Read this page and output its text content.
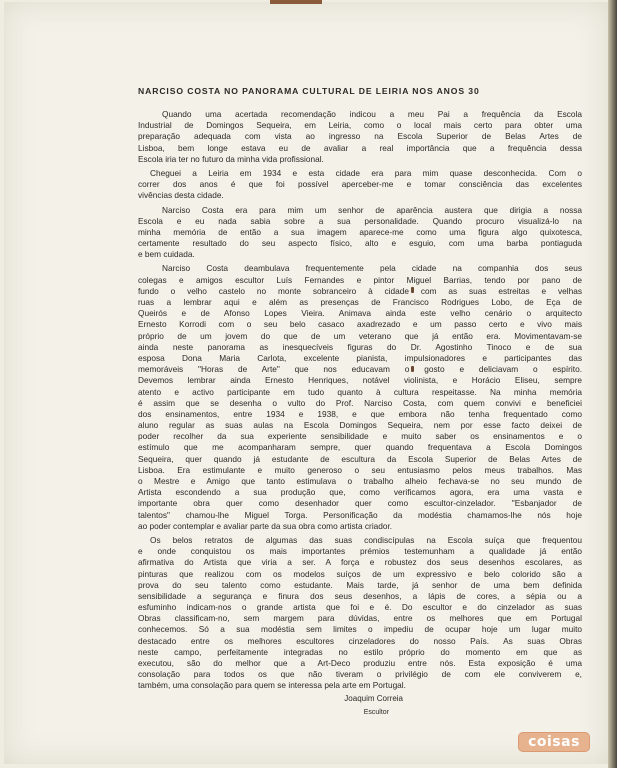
NARCISO COSTA NO PANORAMA CULTURAL DE LEIRIA NOS ANOS 30
Quando uma acertada recomendação indicou a meu Pai a frequência da Escola
Industrial de Domingos Sequeira, em Leiria, como o local mais certo para obter uma
preparação adequada com vista ao ingresso na Escola Superior de Belas Artes de
Lisboa, bem longe estava eu de avaliar a real importância que a frequência dessa
Escola iria ter no futuro da minha vida profissional.
Cheguei a Leiria em 1934 e esta cidade era para mim quase desconhecida. Com o
correr dos anos é que foi possível aperceber-me e tomar consciência das excelentes
vivências desta cidade.
Narciso Costa era para mim um senhor de aparência austera que dirigia a nossa
Escola e eu nada sabia sobre a sua personalidade. Quando procuro visualizá-lo na
minha memória de então a sua imagem aparece-me como uma figura algo quixotesca,
certamente resultado do seu aspecto físico, alto e esguio, com uma barba pontiaguda
e bem cuidada.
Narciso Costa deambulava frequentemente pela cidade na companhia dos seus
colegas e amigos escultor Luís Fernandes e pintor Miguel Barrias, tendo por pano de
fundo o velho castelo no monte sobranceiro à cidade com as suas estreitas e velhas
ruas a lembrar aqui e além as presenças de Francisco Rodrigues Lobo, de Eça de
Queirós e de Afonso Lopes Vieira. Animava ainda este velho cenário o arquitecto
Ernesto Korrodi com o seu belo casaco axadrezado e um passo certo e vivo mais
próprio de um jovem do que de um veterano que já então era. Movimentavam-se
ainda neste panorama as inesquecíveis figuras do Dr. Agostinho Tinoco e de sua
esposa Dona Maria Carlota, excelente pianista, impulsionadores e participantes das
memoráveis "Horas de Arte" que nos educavam o gosto e deliciavam o espírito.
Devemos lembrar ainda Ernesto Henriques, notável violinista, e Horácio Eliseu, sempre
atento e activo participante em tudo quanto à cultura respeitasse. Na minha memória
é assim que se desenha o vulto do Prof. Narciso Costa, com quem convivi e beneficiei
dos ensinamentos, entre 1934 e 1938, e que embora não tenha frequentado como
aluno regular as suas aulas na Escola Domingos Sequeira, nem por esse facto deixei de
poder recolher da sua experiente sensibilidade e muito saber os ensinamentos e o
estímulo que me acompanharam sempre, quer quando frequentava a Escola Domingos
Sequeira, quer quando já estudante de escultura da Escola Superior de Belas Artes de
Lisboa. Era estimulante e muito generoso o seu entusiasmo pelos meus trabalhos. Mas
o Mestre e Amigo que tanto estimulava o trabalho alheio fechava-se no seu mundo de
Artista escondendo a sua produção que, como verificamos agora, era uma vasta e
importante obra quer como desenhador quer como escultor-cinzelador. "Esbanjador de
talentos" chamou-lhe Miguel Torga. Personificação da modéstia chamamos-lhe nós hoje
ao poder contemplar e avaliar parte da sua obra como artista criador.
Os belos retratos de algumas das suas condiscípulas na Escola suíça que frequentou
e onde conquistou os mais importantes prémios testemunham a qualidade já então
afirmativa do Artista que viria a ser. A força e robustez dos seus desenhos escolares, as
pinturas que realizou com os modelos suíços de um expressivo e belo colorido são a
prova do seu talento como estudante. Mais tarde, já senhor de uma bem definida
sensibilidade a segurança e finura dos seus desenhos, a lápis de cores, a sépia ou a
esfuminho indicam-nos o grande artista que foi e é. Do escultor e do cinzelador as suas
Obras classificam-no, sem margem para dúvidas, entre os melhores que em Portugal
conhecemos. Só a sua modéstia sem limites o impediu de ocupar hoje um lugar muito
destacado entre os melhores escultores cinzeladores do nosso País. As suas Obras
neste campo, perfeitamente integradas no estilo próprio do momento em que as
executou, são do melhor que a Art-Deco produziu entre nós. Esta exposição é uma
consolação para todos os que não tiveram o privilégio de com ele conviverem e,
também, uma consolação para quem se interessa pela arte em Portugal.
Joaquim Correia
Escultor
coisas
